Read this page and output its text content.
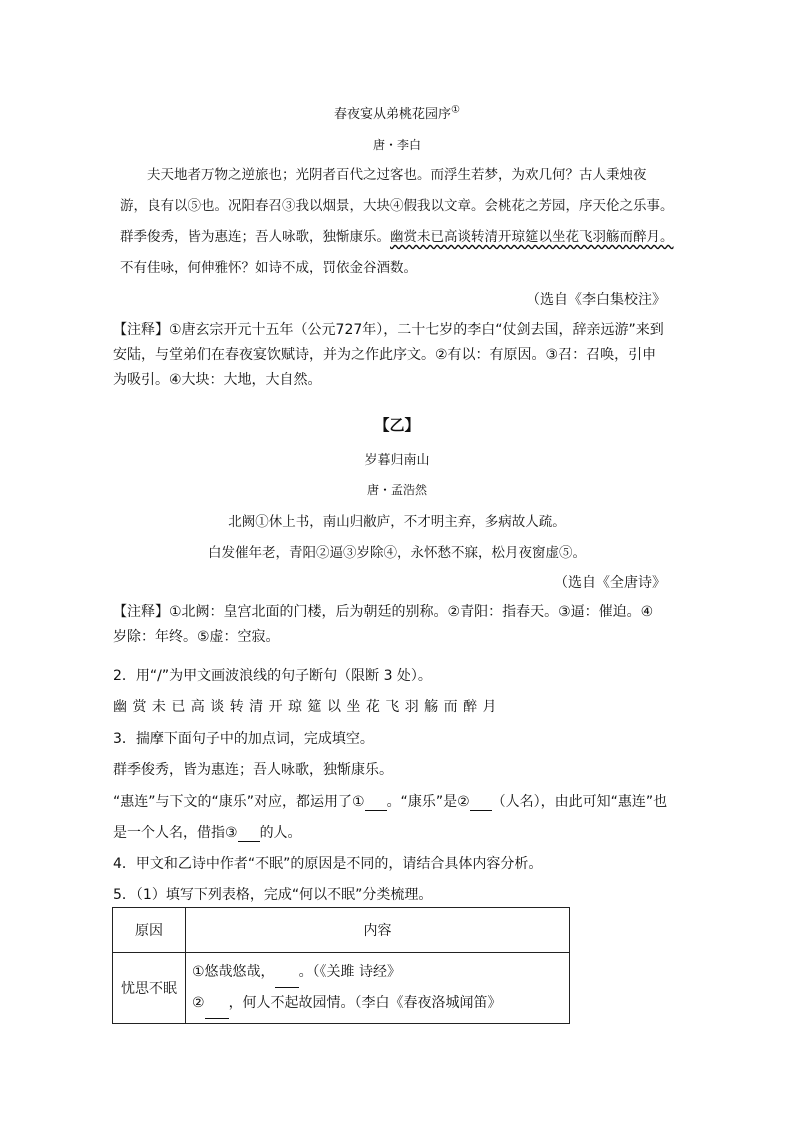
春夜宴从弟桃花园序①
唐・李白

夫天地者万物之逆旅也；光阴者百代之过客也。而浮生若梦，为欢几何？古人秉烛夜

游，良有以⑤也。况阳春召③我以烟景，大块④假我以文章。会桃花之芳园，序天伦之乐事。

群季俊秀，皆为惠连；吾人咏歌，独惭康乐。幽赏未已高谈转清开琼筵以坐花飞羽觞而醉月。

不有佳咏，何伸雅怀？如诗不成，罚依金谷酒数。

（选自《李白集校注》

【注释】①唐玄宗开元十五年（公元727年），二十七岁的李白“仗剑去国，辞亲远游”来到

安陆，与堂弟们在春夜宴饮赋诗，并为之作此序文。②有以：有原因。③召：召唤，引申

为吸引。④大块：大地，大自然。

【乙】
岁暮归南山
唐・孟浩然
北阙①休上书，南山归敝庐，不才明主弃，多病故人疏。
白发催年老，青阳②逼③岁除④，永怀愁不寐，松月夜窗虚⑤。
（选自《全唐诗》

【注释】①北阙：皇宫北面的门楼，后为朝廷的别称。②青阳：指春天。③逼：催迫。④

岁除：年终。⑤虚：空寂。

2．用“/”为甲文画波浪线的句子断句（限断 3 处）。
幽 赏 未 已 高 谈 转 清 开 琼 筵 以 坐 花 飞 羽 觞 而 醉 月
3．揣摩下面句子中的加点词，完成填空。
群季俊秀，皆为惠连；吾人咏歌，独惭康乐。
“惠连”与下文的“康乐”对应，都运用了① 。“康乐”是② （人名），由此可知“惠连”也
是一个人名，借指③ 的人。
4．甲文和乙诗中作者“不眠”的原因是不同的，请结合具体内容分析。
5．（1）填写下列表格，完成“何以不眠”分类梳理。
原因	内容
忧思不眠	①悠哉悠哉， 。（《关雎 诗经》
② ，何人不起故园情。（李白《春夜洛城闻笛》
